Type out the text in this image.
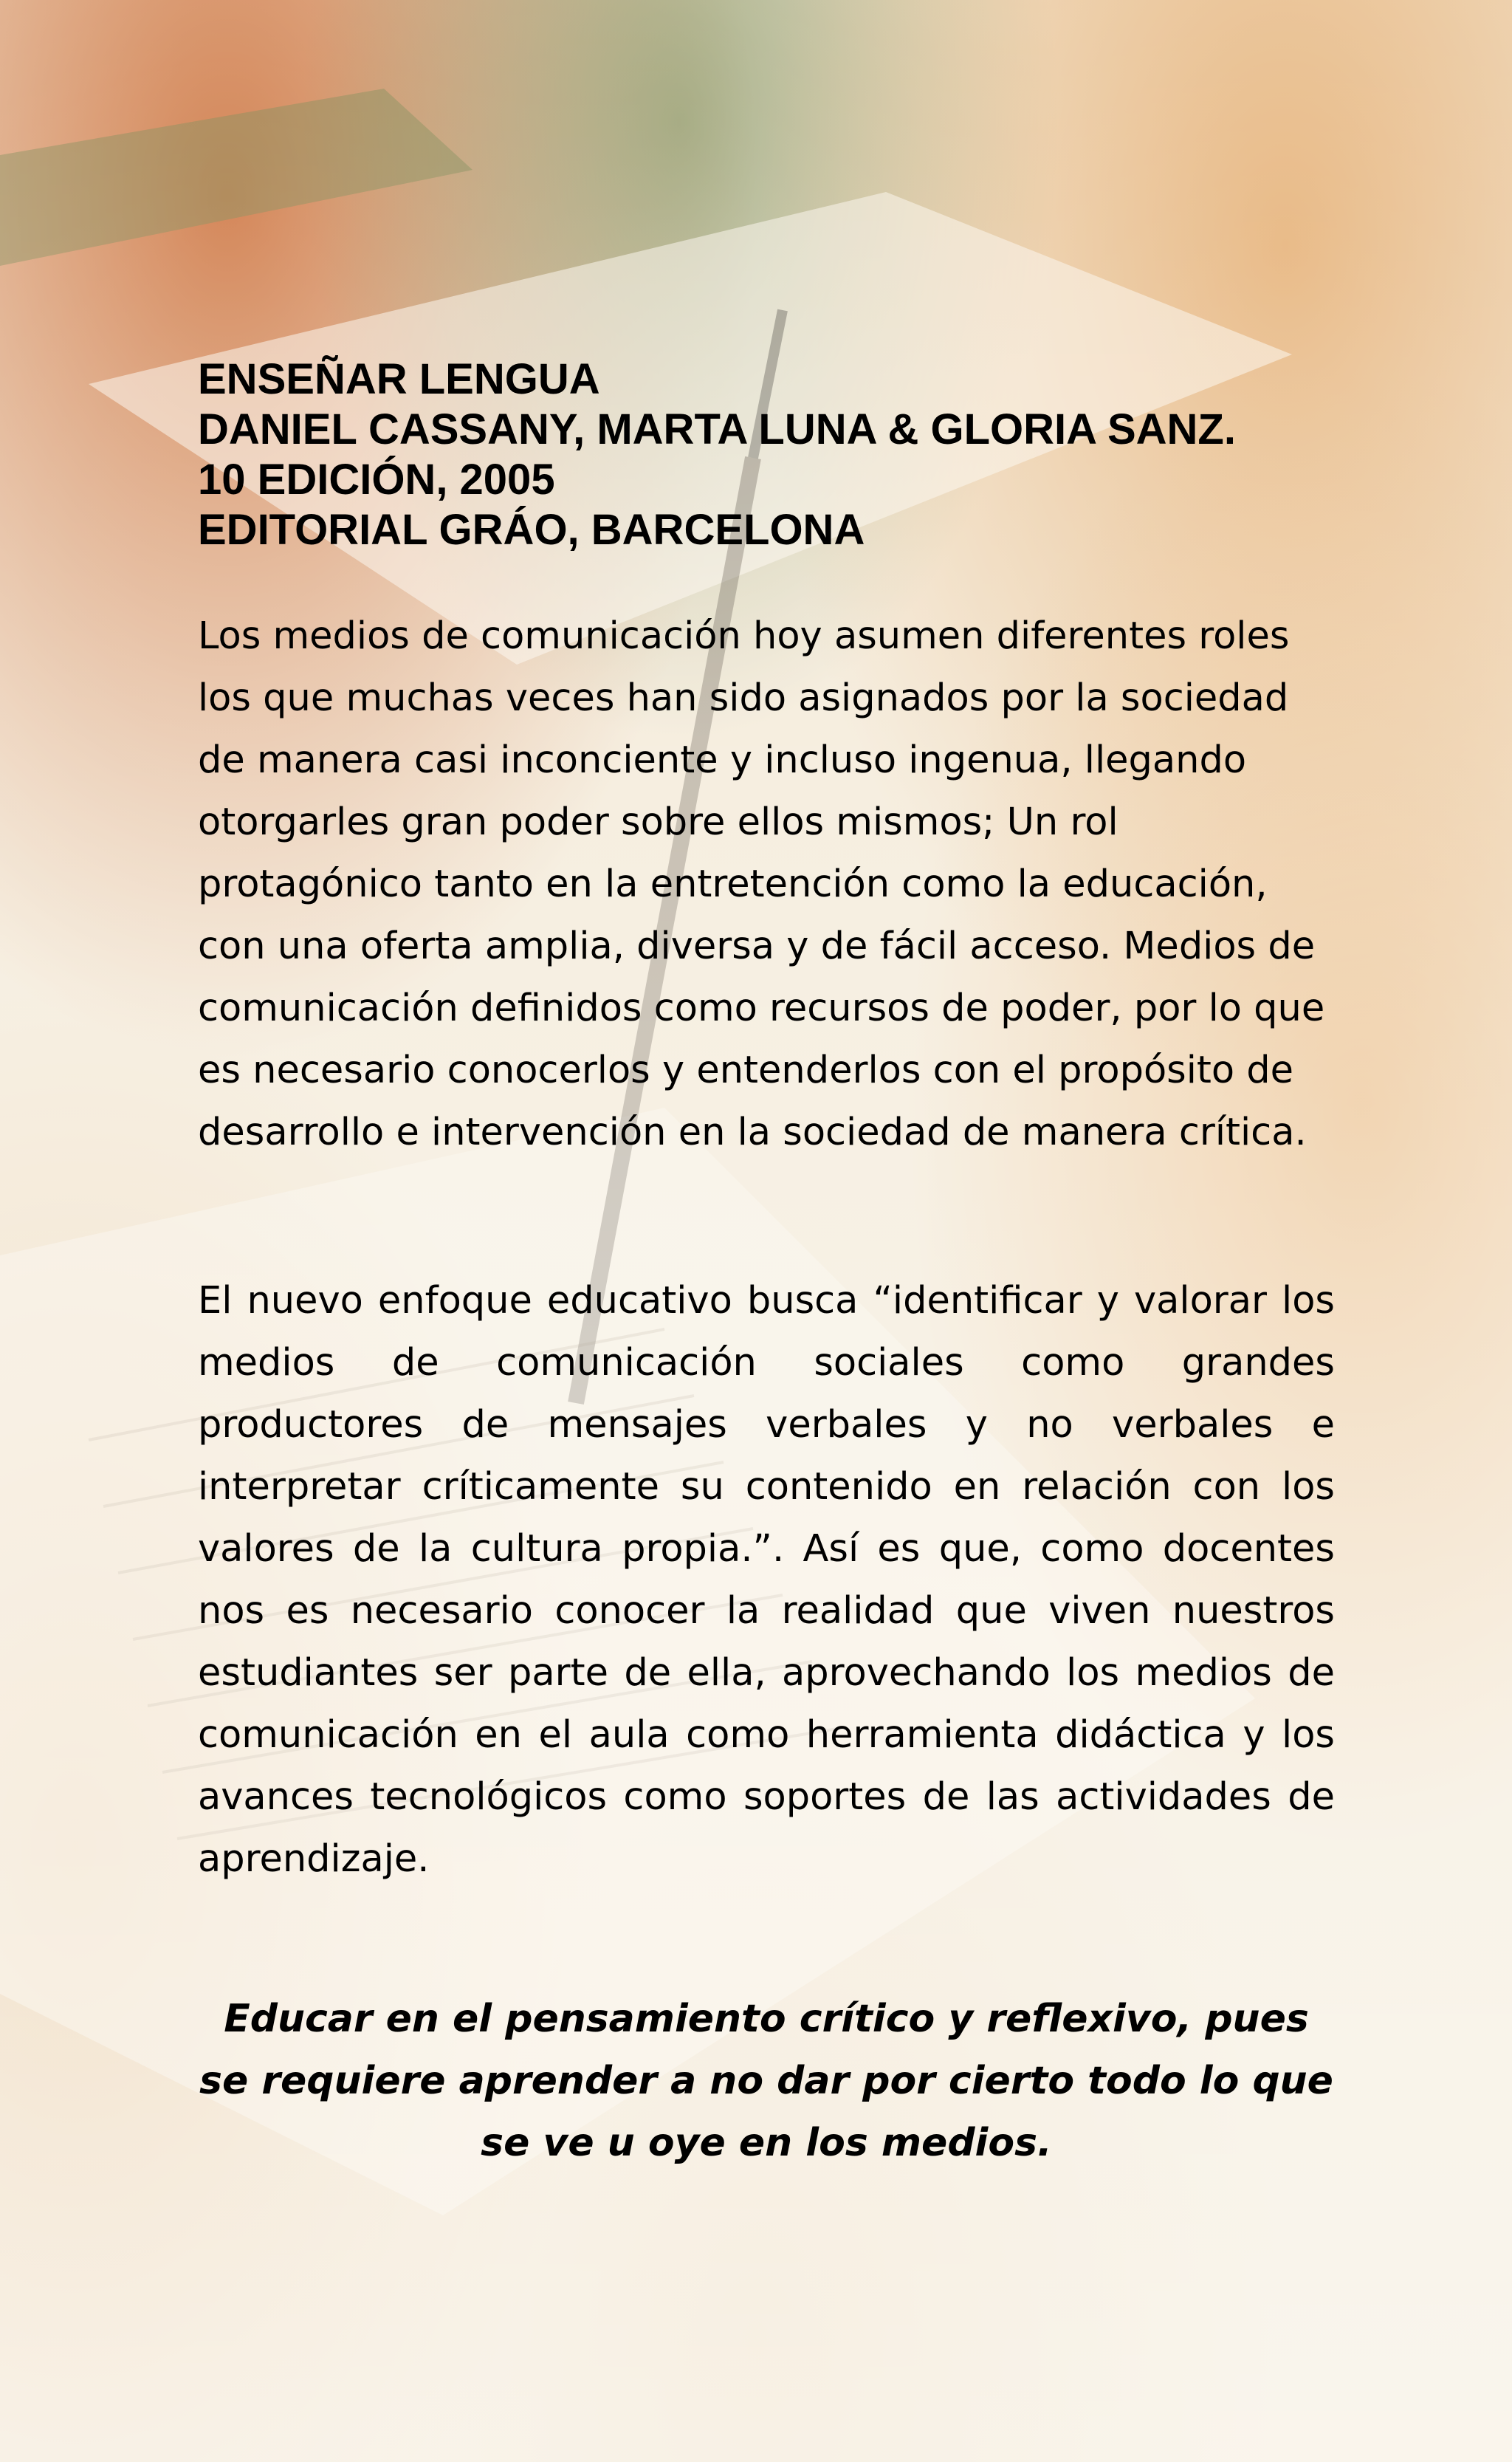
ENSEÑAR LENGUA
DANIEL CASSANY, MARTA LUNA & GLORIA SANZ.
10 EDICIÓN, 2005
EDITORIAL GRÁO, BARCELONA

Los medios de comunicación hoy asumen diferentes roles los que muchas veces han sido asignados por la sociedad de manera casi inconciente y incluso ingenua, llegando otorgarles gran poder sobre ellos mismos; Un rol protagónico tanto en la entretención como la educación, con una oferta amplia, diversa y de fácil acceso. Medios de comunicación definidos como recursos de poder, por lo que es necesario conocerlos y entenderlos con el propósito de desarrollo e intervención en la sociedad de manera crítica.

El nuevo enfoque educativo busca “identificar y valorar los medios de comunicación sociales como grandes productores de mensajes verbales y no verbales e interpretar críticamente su contenido en relación con los valores de la cultura propia.”. Así es que, como docentes nos es necesario conocer la realidad que viven nuestros estudiantes ser parte de ella, aprovechando los medios de comunicación en el aula como herramienta didáctica y los avances tecnológicos como soportes de las actividades de aprendizaje.

Educar en el pensamiento crítico y reflexivo, pues se requiere aprender a no dar por cierto todo lo que se ve u oye en los medios.
